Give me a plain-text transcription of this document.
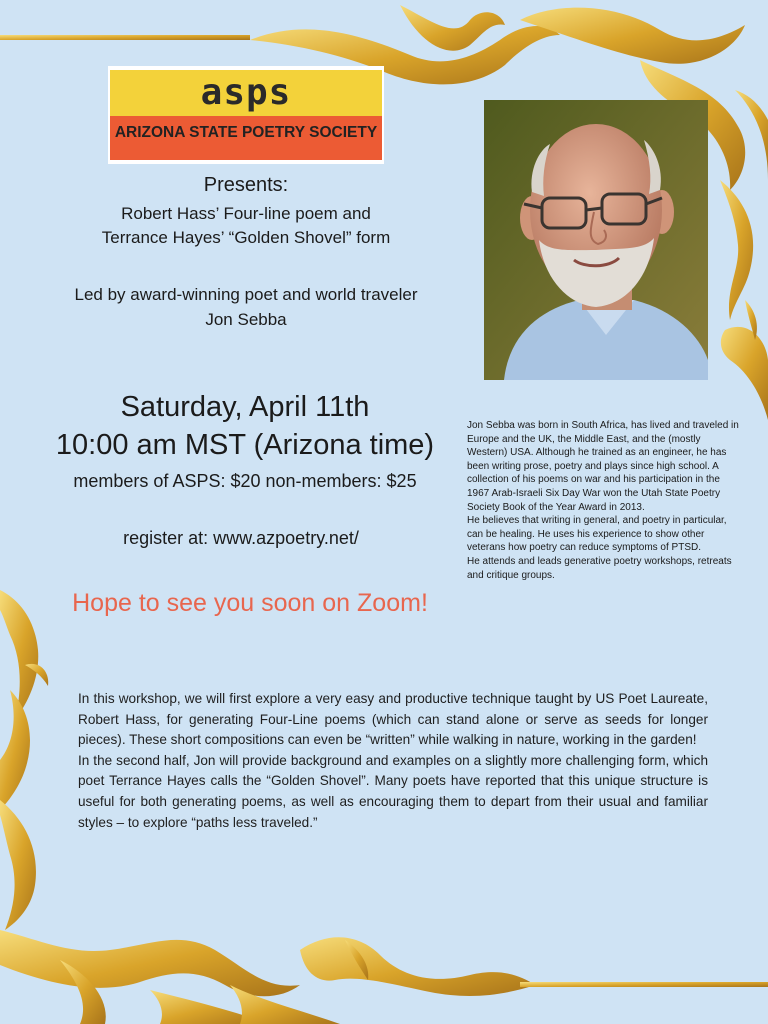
asps
ARIZONA STATE POETRY SOCIETY
Presents:
Robert Hass’ Four-line poem and
Terrance Hayes’ “Golden Shovel” form
Led by award-winning poet and world traveler Jon Sebba
Saturday, April 11th
10:00 am MST (Arizona time)
members of ASPS: $20 non-members: $25
register at: www.azpoetry.net/
Hope to see you soon on Zoom!

Jon Sebba was born in South Africa, has lived and traveled in Europe and the UK, the Middle East, and the (mostly Western) USA. Although he trained as an engineer, he has been writing prose, poetry and plays since high school. A collection of his poems on war and his participation in the 1967 Arab-Israeli Six Day War won the Utah State Poetry Society Book of the Year Award in 2013.

He believes that writing in general, and poetry in particular, can be healing. He uses his experience to show other veterans how poetry can reduce symptoms of PTSD.

He attends and leads generative poetry workshops, retreats and critique groups.

In this workshop, we will first explore a very easy and productive technique taught by US Poet Laureate, Robert Hass, for generating Four-Line poems (which can stand alone or serve as seeds for longer pieces). These short compositions can even be “written” while walking in nature, working in the garden!

In the second half, Jon will provide background and examples on a slightly more challenging form, which poet Terrance Hayes calls the “Golden Shovel”. Many poets have reported that this unique structure is useful for both generating poems, as well as encouraging them to depart from their usual and familiar styles – to explore “paths less traveled.”
